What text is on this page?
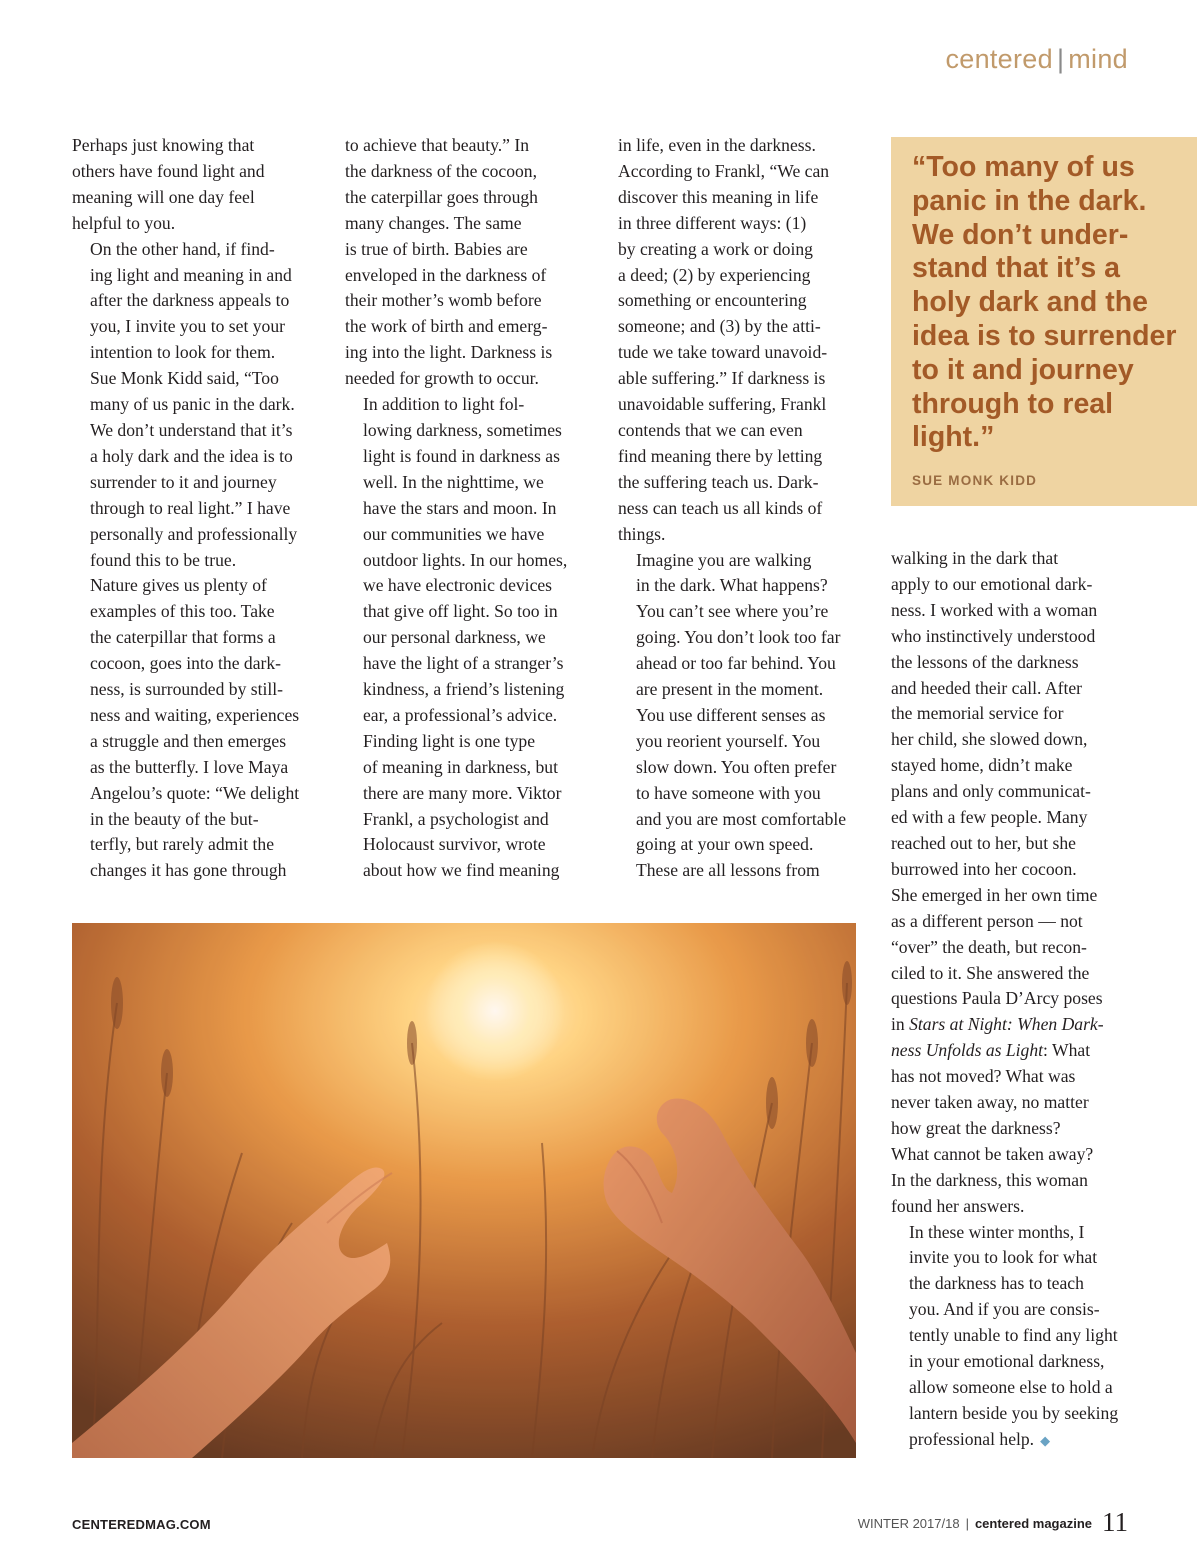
centered | mind

Perhaps just knowing that
others have found light and
meaning will one day feel
helpful to you.

On the other hand, if find-
ing light and meaning in and
after the darkness appeals to
you, I invite you to set your
intention to look for them.
Sue Monk Kidd said, “Too
many of us panic in the dark.
We don’t understand that it’s
a holy dark and the idea is to
surrender to it and journey
through to real light.” I have
personally and professionally
found this to be true.

Nature gives us plenty of
examples of this too. Take
the caterpillar that forms a
cocoon, goes into the dark-
ness, is surrounded by still-
ness and waiting, experiences
a struggle and then emerges
as the butterfly. I love Maya
Angelou’s quote: “We delight
in the beauty of the but-
terfly, but rarely admit the
changes it has gone through

to achieve that beauty.” In
the darkness of the cocoon,
the caterpillar goes through
many changes. The same
is true of birth. Babies are
enveloped in the darkness of
their mother’s womb before
the work of birth and emerg-
ing into the light. Darkness is
needed for growth to occur.

In addition to light fol-
lowing darkness, sometimes
light is found in darkness as
well. In the nighttime, we
have the stars and moon. In
our communities we have
outdoor lights. In our homes,
we have electronic devices
that give off light. So too in
our personal darkness, we
have the light of a stranger’s
kindness, a friend’s listening
ear, a professional’s advice.

Finding light is one type
of meaning in darkness, but
there are many more. Viktor
Frankl, a psychologist and
Holocaust survivor, wrote
about how we find meaning

in life, even in the darkness.
According to Frankl, “We can
discover this meaning in life
in three different ways: (1)
by creating a work or doing
a deed; (2) by experiencing
something or encountering
someone; and (3) by the atti-
tude we take toward unavoid-
able suffering.” If darkness is
unavoidable suffering, Frankl
contends that we can even
find meaning there by letting
the suffering teach us. Dark-
ness can teach us all kinds of
things.

Imagine you are walking
in the dark. What happens?
You can’t see where you’re
going. You don’t look too far
ahead or too far behind. You
are present in the moment.
You use different senses as
you reorient yourself. You
slow down. You often prefer
to have someone with you
and you are most comfortable
going at your own speed.

These are all lessons from

“Too many of us
panic in the dark.
We don’t under-
stand that it’s a
holy dark and the
idea is to surrender
to it and journey
through to real
light.”
SUE MONK KIDD

walking in the dark that
apply to our emotional dark-
ness. I worked with a woman
who instinctively understood
the lessons of the darkness
and heeded their call. After
the memorial service for
her child, she slowed down,
stayed home, didn’t make
plans and only communicat-
ed with a few people. Many
reached out to her, but she
burrowed into her cocoon.
She emerged in her own time
as a different person — not
“over” the death, but recon-
ciled to it. She answered the
questions Paula D’Arcy poses
in Stars at Night: When Dark-
ness Unfolds as Light: What
has not moved? What was
never taken away, no matter
how great the darkness?
What cannot be taken away?
In the darkness, this woman
found her answers.

In these winter months, I
invite you to look for what
the darkness has to teach
you. And if you are consis-
tently unable to find any light
in your emotional darkness,
allow someone else to hold a
lantern beside you by seeking
professional help. ◆

CENTEREDMAG.COM	WINTER 2017/18 | centered magazine 11
